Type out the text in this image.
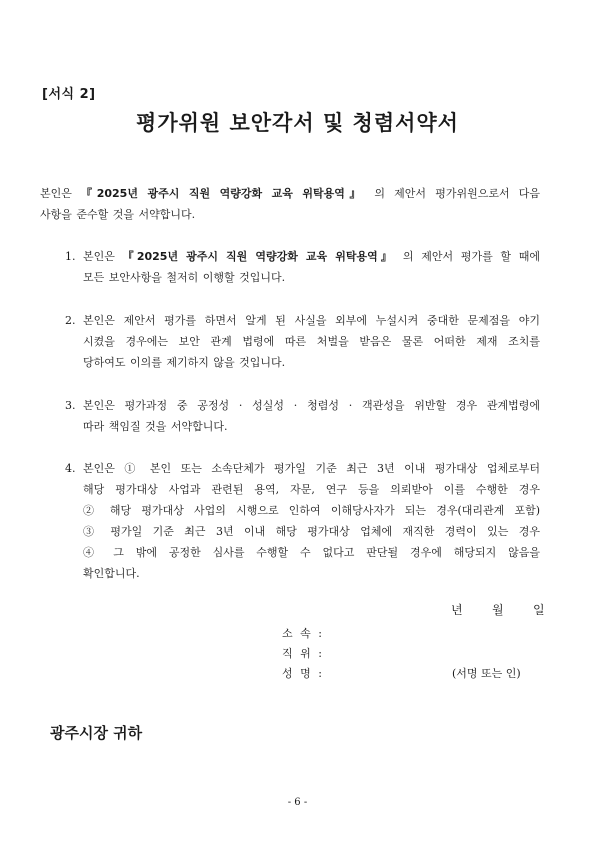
[서식 2]
평가위원 보안각서 및 청렴서약서
본인은 『2025년 광주시 직원 역량강화 교육 위탁용역』 의 제안서 평가위원으로서 다음
사항을 준수할 것을 서약합니다.
1. 본인은 『2025년 광주시 직원 역량강화 교육 위탁용역』 의 제안서 평가를 할 때에
모든 보안사항을 철저히 이행할 것입니다.
2. 본인은 제안서 평가를 하면서 알게 된 사실을 외부에 누설시켜 중대한 문제점을 야기
시켰을 경우에는 보안 관계 법령에 따른 처벌을 받음은 물론 어떠한 제재 조치를
당하여도 이의를 제기하지 않을 것입니다.
3. 본인은 평가과정 중 공정성 · 성실성 · 청렴성 · 객관성을 위반할 경우 관계법령에
따라 책임질 것을 서약합니다.
4. 본인은 ① 본인 또는 소속단체가 평가일 기준 최근 3년 이내 평가대상 업체로부터
해당 평가대상 사업과 관련된 용역, 자문, 연구 등을 의뢰받아 이를 수행한 경우
② 해당 평가대상 사업의 시행으로 인하여 이해당사자가 되는 경우(대리관계 포함)
③ 평가일 기준 최근 3년 이내 해당 평가대상 업체에 재직한 경력이 있는 경우
④ 그 밖에 공정한 심사를 수행할 수 없다고 판단될 경우에 해당되지 않음을
확인합니다.
년 월 일
소 속 :
직 위 :
성 명 :	(서명 또는 인)
광주시장 귀하
- 6 -
